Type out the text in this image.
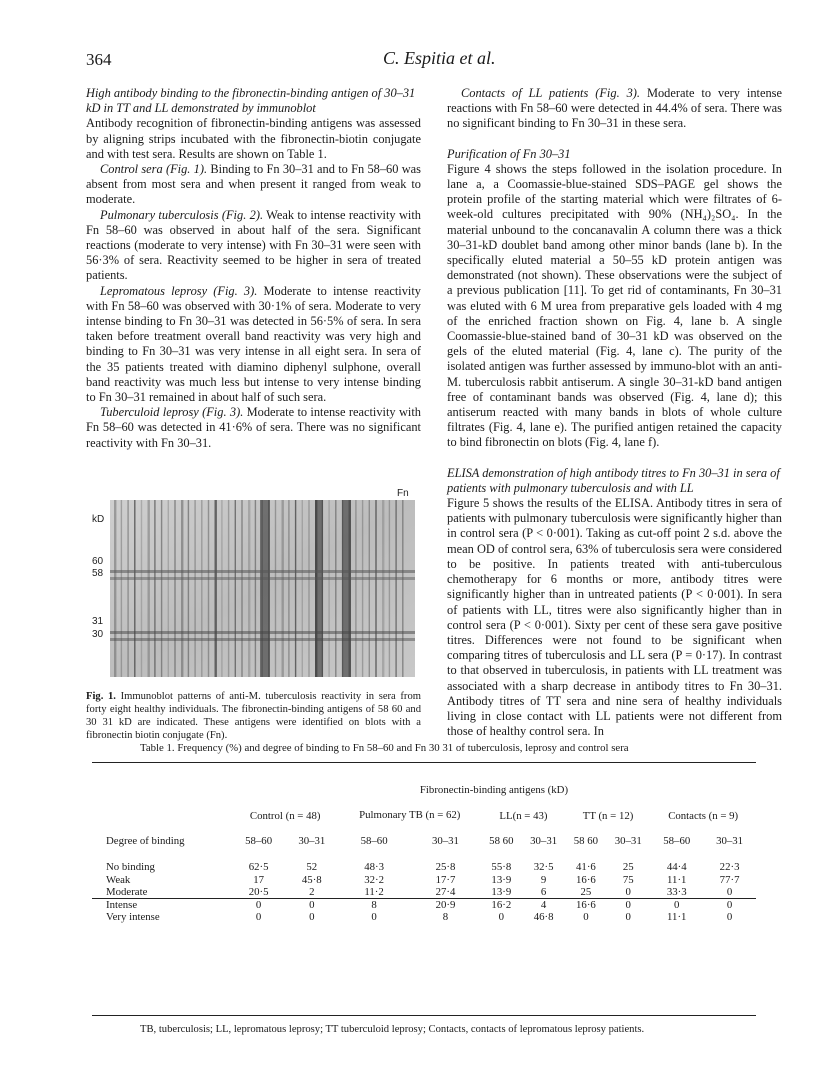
364	C. Espitia et al.
High antibody binding to the fibronectin-binding antigen of 30–31 kD in TT and LL demonstrated by immunoblot

Antibody recognition of fibronectin-binding antigens was assessed by aligning strips incubated with the fibronectin-biotin conjugate and with test sera. Results are shown on Table 1.

Control sera (Fig. 1). Binding to Fn 30–31 and to Fn 58–60 was absent from most sera and when present it ranged from weak to moderate.

Pulmonary tuberculosis (Fig. 2). Weak to intense reactivity with Fn 58–60 was observed in about half of the sera. Significant reactions (moderate to very intense) with Fn 30–31 were seen with 56·3% of sera. Reactivity seemed to be higher in sera of treated patients.

Lepromatous leprosy (Fig. 3). Moderate to intense reactivity with Fn 58–60 was observed with 30·1% of sera. Moderate to very intense binding to Fn 30–31 was detected in 56·5% of sera. In sera taken before treatment overall band reactivity was very high and binding to Fn 30–31 was very intense in all eight sera. In sera of the 35 patients treated with diamino diphenyl sulphone, overall band reactivity was much less but intense to very intense binding to Fn 30–31 remained in about half of such sera.

Tuberculoid leprosy (Fig. 3). Moderate to intense reactivity with Fn 58–60 was detected in 41·6% of sera. There was no significant reactivity with Fn 30–31.

kD
Fn
60
58
31
30
Fig. 1. Immunoblot patterns of anti-M. tuberculosis reactivity in sera from forty eight healthy individuals. The fibronectin-binding antigens of 58 60 and 30 31 kD are indicated. These antigens were identified on blots with a fibronectin biotin conjugate (Fn).

Contacts of LL patients (Fig. 3). Moderate to very intense reactions with Fn 58–60 were detected in 44.4% of sera. There was no significant binding to Fn 30–31 in these sera.

Purification of Fn 30–31

Figure 4 shows the steps followed in the isolation procedure. In lane a, a Coomassie-blue-stained SDS–PAGE gel shows the protein profile of the starting material which were filtrates of 6-week-old cultures precipitated with 90% (NH₄)₂SO₄. In the material unbound to the concanavalin A column there was a thick 30–31-kD doublet band among other minor bands (lane b). In the specifically eluted material a 50–55 kD protein antigen was demonstrated (not shown). These observations were the subject of a previous publication [11]. To get rid of contaminants, Fn 30–31 was eluted with 6 M urea from preparative gels loaded with 4 mg of the enriched fraction shown on Fig. 4, lane b. A single Coomassie-blue-stained band of 30–31 kD was observed on the gels of the eluted material (Fig. 4, lane c). The purity of the isolated antigen was further assessed by immuno-blot with an anti-M. tuberculosis rabbit antiserum. A single 30–31-kD band antigen free of contaminant bands was observed (Fig. 4, lane d); this antiserum reacted with many bands in blots of whole culture filtrates (Fig. 4, lane e). The purified antigen retained the capacity to bind fibronectin on blots (Fig. 4, lane f).

ELISA demonstration of high antibody titres to Fn 30–31 in sera of patients with pulmonary tuberculosis and with LL

Figure 5 shows the results of the ELISA. Antibody titres in sera of patients with pulmonary tuberculosis were significantly higher than in control sera (P < 0·001). Taking as cut-off point 2 s.d. above the mean OD of control sera, 63% of tuberculosis sera were considered to be positive. In patients treated with anti-tuberculous chemotherapy for 6 months or more, antibody titres were significantly higher than in untreated patients (P < 0·001). In sera of patients with LL, titres were also significantly higher than in control sera (P < 0·001). Sixty per cent of these sera gave positive titres. Differences were not found to be significant when comparing titres of tuberculosis and LL sera (P = 0·17). In contrast to that observed in tuberculosis, in patients with LL treatment was associated with a sharp decrease in antibody titres to Fn 30–31. Antibody titres of TT sera and nine sera of healthy individuals living in close contact with LL patients were not different from those of healthy control sera. In

Table 1. Frequency (%) and degree of binding to Fn 58–60 and Fn 30 31 of tuberculosis, leprosy and control sera

	Fibronectin-binding antigens (kD)									

	Control (n = 48)		Pulmonary TB (n = 62)		LL(n = 43)		TT (n = 12)		Contacts (n = 9)	

Degree of binding	58–60	30–31	58–60	30–31	58 60	30–31	58 60	30–31	58–60	30–31

No binding	62·5	52	48·3	25·8	55·8	32·5	41·6	25	44·4	22·3
Weak	17	45·8	32·2	17·7	13·9	9	16·6	75	11·1	77·7
Moderate	20·5	2	11·2	27·4	13·9	6	25	0	33·3	0
Intense	0	0	8	20·9	16·2	4	16·6	0	0	0
Very intense	0	0	0	8	0	46·8	0	0	11·1	0
TB, tuberculosis; LL, lepromatous leprosy; TT tuberculoid leprosy; Contacts, contacts of lepromatous leprosy patients.
